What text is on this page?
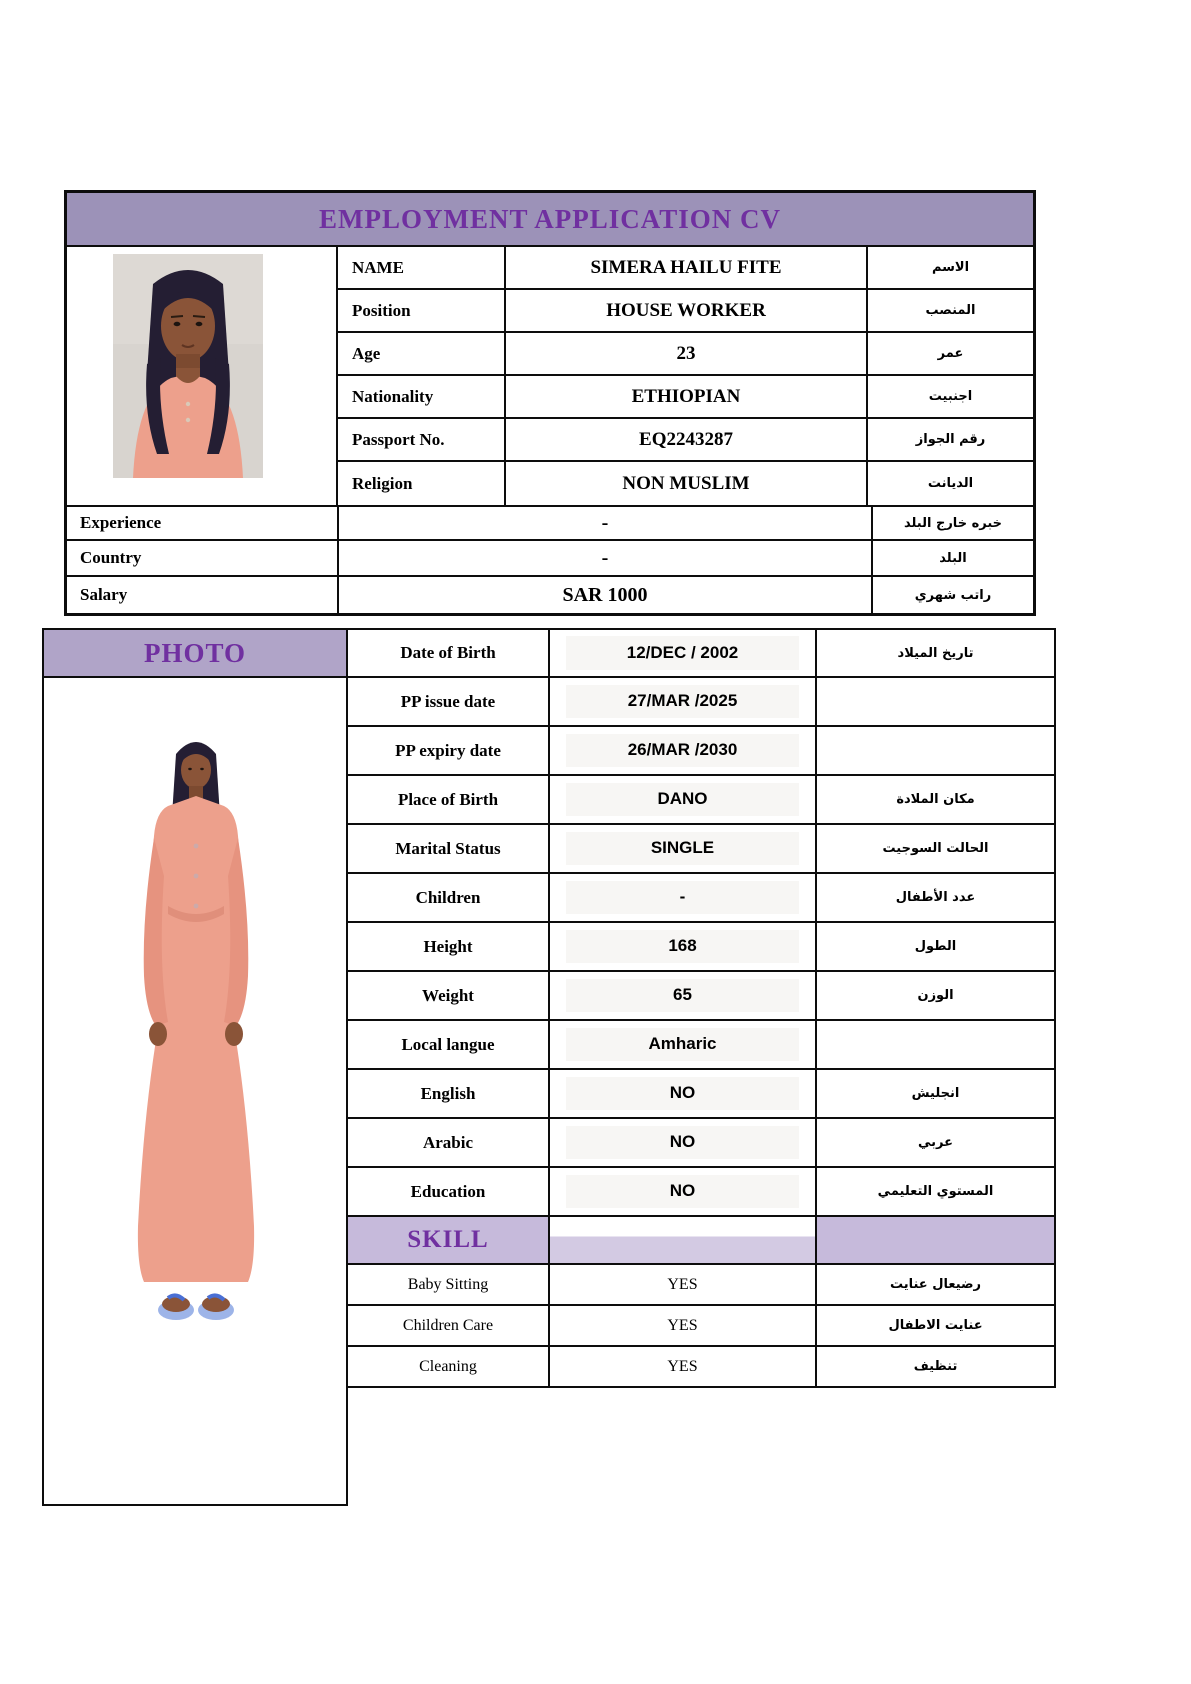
EMPLOYMENT APPLICATION CV
NAME	SIMERA HAILU FITE	الاسم
Position	HOUSE WORKER	المنصب
Age	23	عمر
Nationality	ETHIOPIAN	اجنبيت
Passport No.	EQ2243287	رقم الجواز
Religion	NON MUSLIM	الديانت
Experience	-	خبره خارج البلد
Country	-	البلد
Salary	SAR 1000	راتب شهري
PHOTO	Date of Birth	12/DEC / 2002	تاريخ الميلاد
PP issue date	27/MAR /2025
PP expiry date	26/MAR /2030
Place of Birth	DANO	مكان الملادة
Marital Status	SINGLE	الحالت السوجيت
Children	-	عدد الأطفال
Height	168	الطول
Weight	65	الوزن
Local langue	Amharic
English	NO	انجليش
Arabic	NO	عربي
Education	NO	المستوي التعليمي
SKILL
Baby Sitting	YES	رضيعال عنايت
Children Care	YES	عنايت الاطفال
Cleaning	YES	تنظيف
